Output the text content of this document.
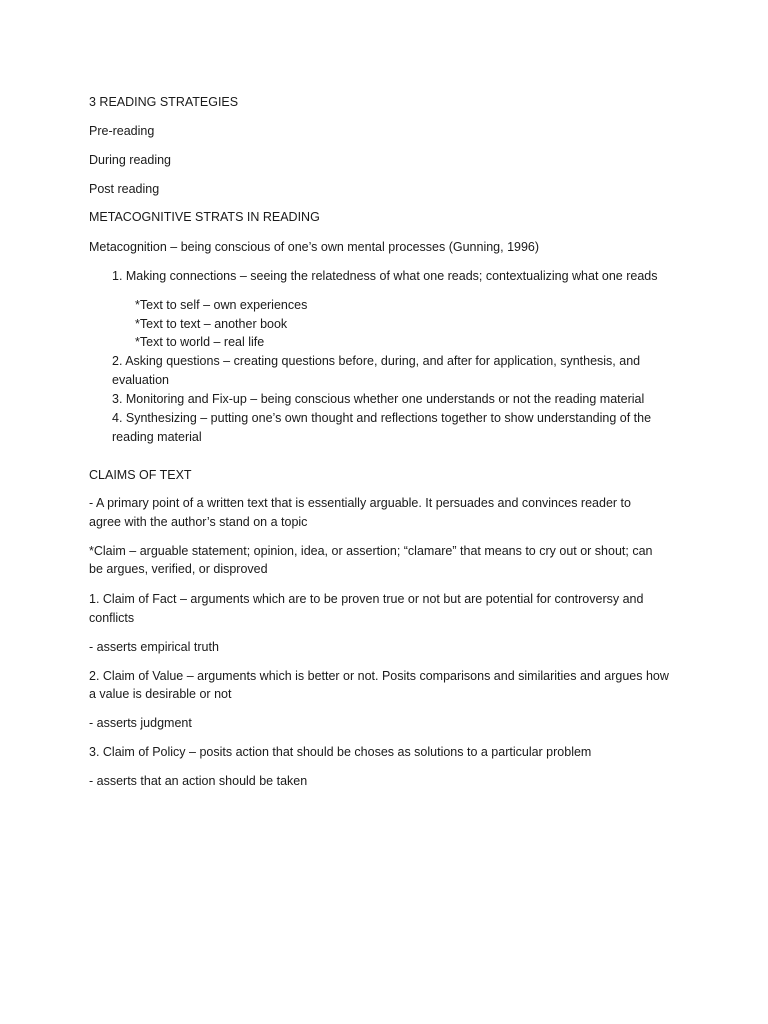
3 READING STRATEGIES
Pre-reading
During reading
Post reading
METACOGNITIVE STRATS IN READING
Metacognition – being conscious of one’s own mental processes (Gunning, 1996)
1. Making connections – seeing the relatedness of what one reads; contextualizing what one reads
*Text to self – own experiences
*Text to text – another book
*Text to world – real life
2. Asking questions – creating questions before, during, and after for application, synthesis, and
evaluation
3. Monitoring and Fix-up – being conscious whether one understands or not the reading material
4. Synthesizing – putting one’s own thought and reflections together to show understanding of the
reading material
CLAIMS OF TEXT
- A primary point of a written text that is essentially arguable. It persuades and convinces reader to
agree with the author’s stand on a topic
*Claim – arguable statement; opinion, idea, or assertion; “clamare” that means to cry out or shout; can
be argues, verified, or disproved
1. Claim of Fact – arguments which are to be proven true or not but are potential for controversy and
conflicts
- asserts empirical truth
2. Claim of Value – arguments which is better or not. Posits comparisons and similarities and argues how
a value is desirable or not
- asserts judgment
3. Claim of Policy – posits action that should be choses as solutions to a particular problem
- asserts that an action should be taken
